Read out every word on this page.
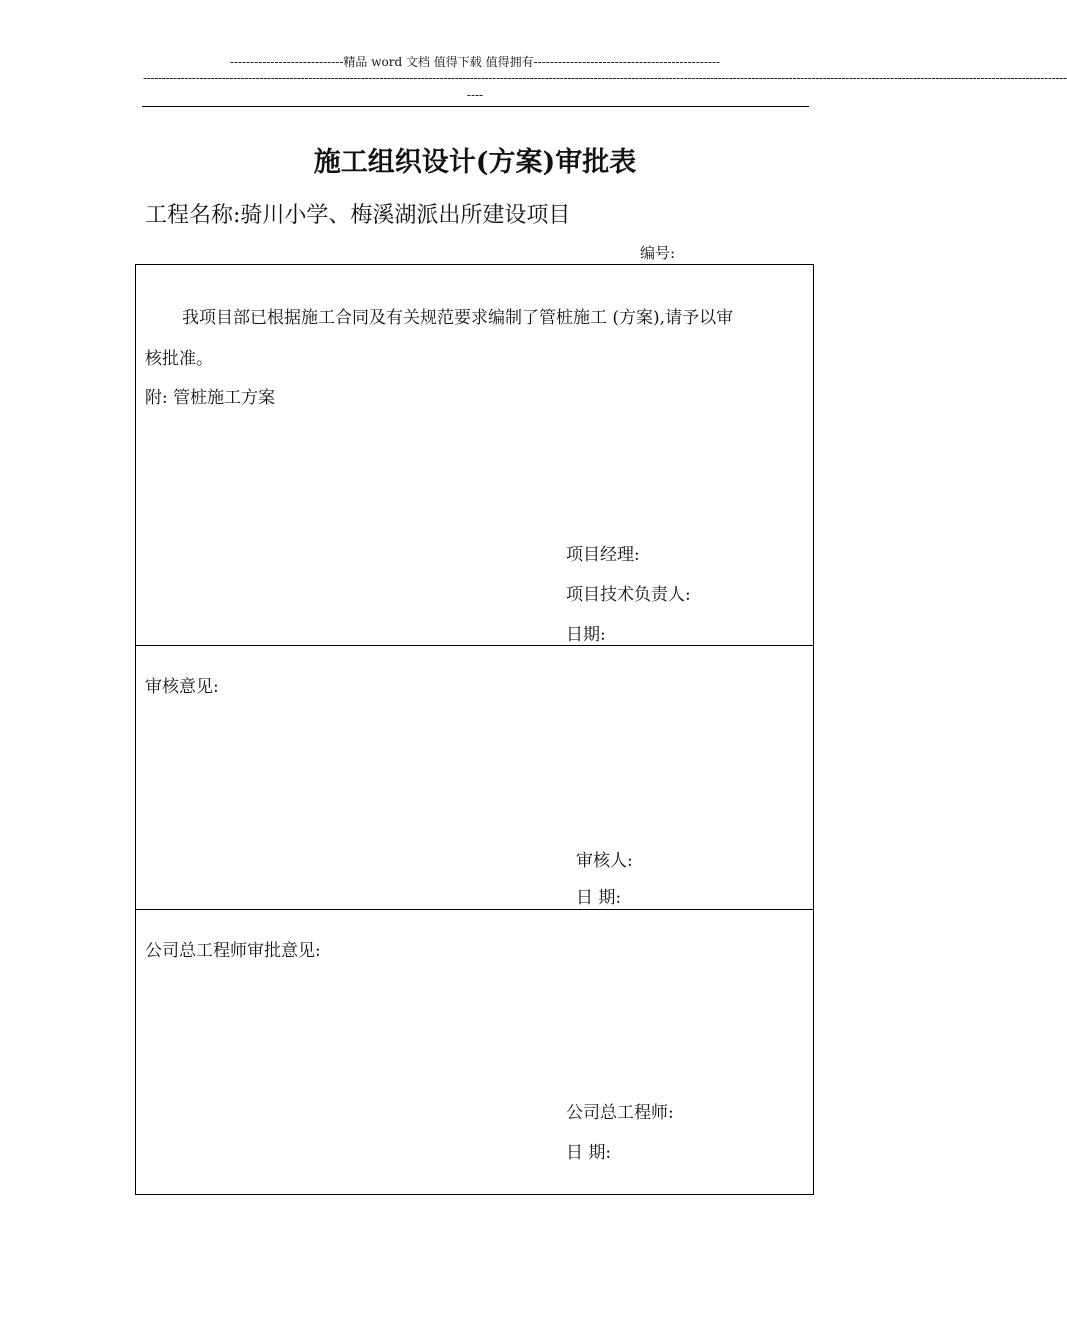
----------------------------精品 word 文档 值得下载 值得拥有----------------------------------------------
------------------------------------------------------------------------------------------------------------------------------------------------------------------------------------------------------------------------------------------------------
----
施工组织设计(方案)审批表
工程名称:骑川小学、梅溪湖派出所建设项目
编号:
我项目部已根据施工合同及有关规范要求编制了管桩施工 (方案),请予以审
核批准。
附: 管桩施工方案
项目经理:
项目技术负责人:
日期:
审核意见:
审核人:
日 期:
公司总工程师审批意见:
公司总工程师:
日 期:
